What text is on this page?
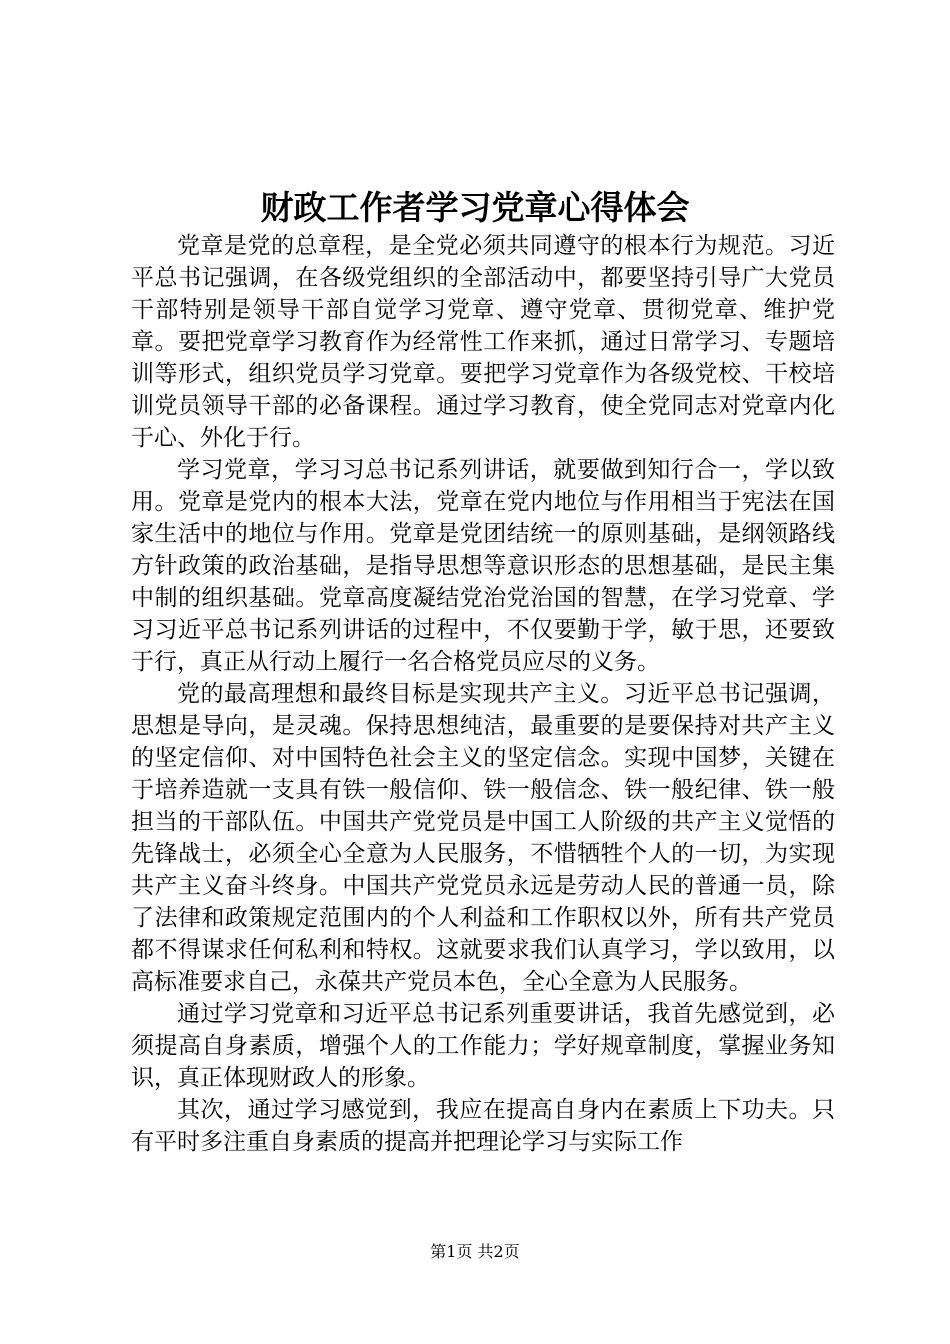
财政工作者学习党章心得体会

党章是党的总章程，是全党必须共同遵守的根本行为规范。习近平总书记强调，在各级党组织的全部活动中，都要坚持引导广大党员干部特别是领导干部自觉学习党章、遵守党章、贯彻党章、维护党章。要把党章学习教育作为经常性工作来抓，通过日常学习、专题培训等形式，组织党员学习党章。要把学习党章作为各级党校、干校培训党员领导干部的必备课程。通过学习教育，使全党同志对党章内化于心、外化于行。

学习党章，学习习总书记系列讲话，就要做到知行合一，学以致用。党章是党内的根本大法，党章在党内地位与作用相当于宪法在国家生活中的地位与作用。党章是党团结统一的原则基础，是纲领路线方针政策的政治基础，是指导思想等意识形态的思想基础，是民主集中制的组织基础。党章高度凝结党治党治国的智慧，在学习党章、学习习近平总书记系列讲话的过程中，不仅要勤于学，敏于思，还要致于行，真正从行动上履行一名合格党员应尽的义务。

党的最高理想和最终目标是实现共产主义。习近平总书记强调，思想是导向，是灵魂。保持思想纯洁，最重要的是要保持对共产主义的坚定信仰、对中国特色社会主义的坚定信念。实现中国梦，关键在于培养造就一支具有铁一般信仰、铁一般信念、铁一般纪律、铁一般担当的干部队伍。中国共产党党员是中国工人阶级的共产主义觉悟的先锋战士，必须全心全意为人民服务，不惜牺牲个人的一切，为实现共产主义奋斗终身。中国共产党党员永远是劳动人民的普通一员，除了法律和政策规定范围内的个人利益和工作职权以外，所有共产党员都不得谋求任何私利和特权。这就要求我们认真学习，学以致用，以高标准要求自己，永葆共产党员本色，全心全意为人民服务。

通过学习党章和习近平总书记系列重要讲话，我首先感觉到，必须提高自身素质，增强个人的工作能力；学好规章制度，掌握业务知识，真正体现财政人的形象。

其次，通过学习感觉到，我应在提高自身内在素质上下功夫。只有平时多注重自身素质的提高并把理论学习与实际工作

第1页 共2页
